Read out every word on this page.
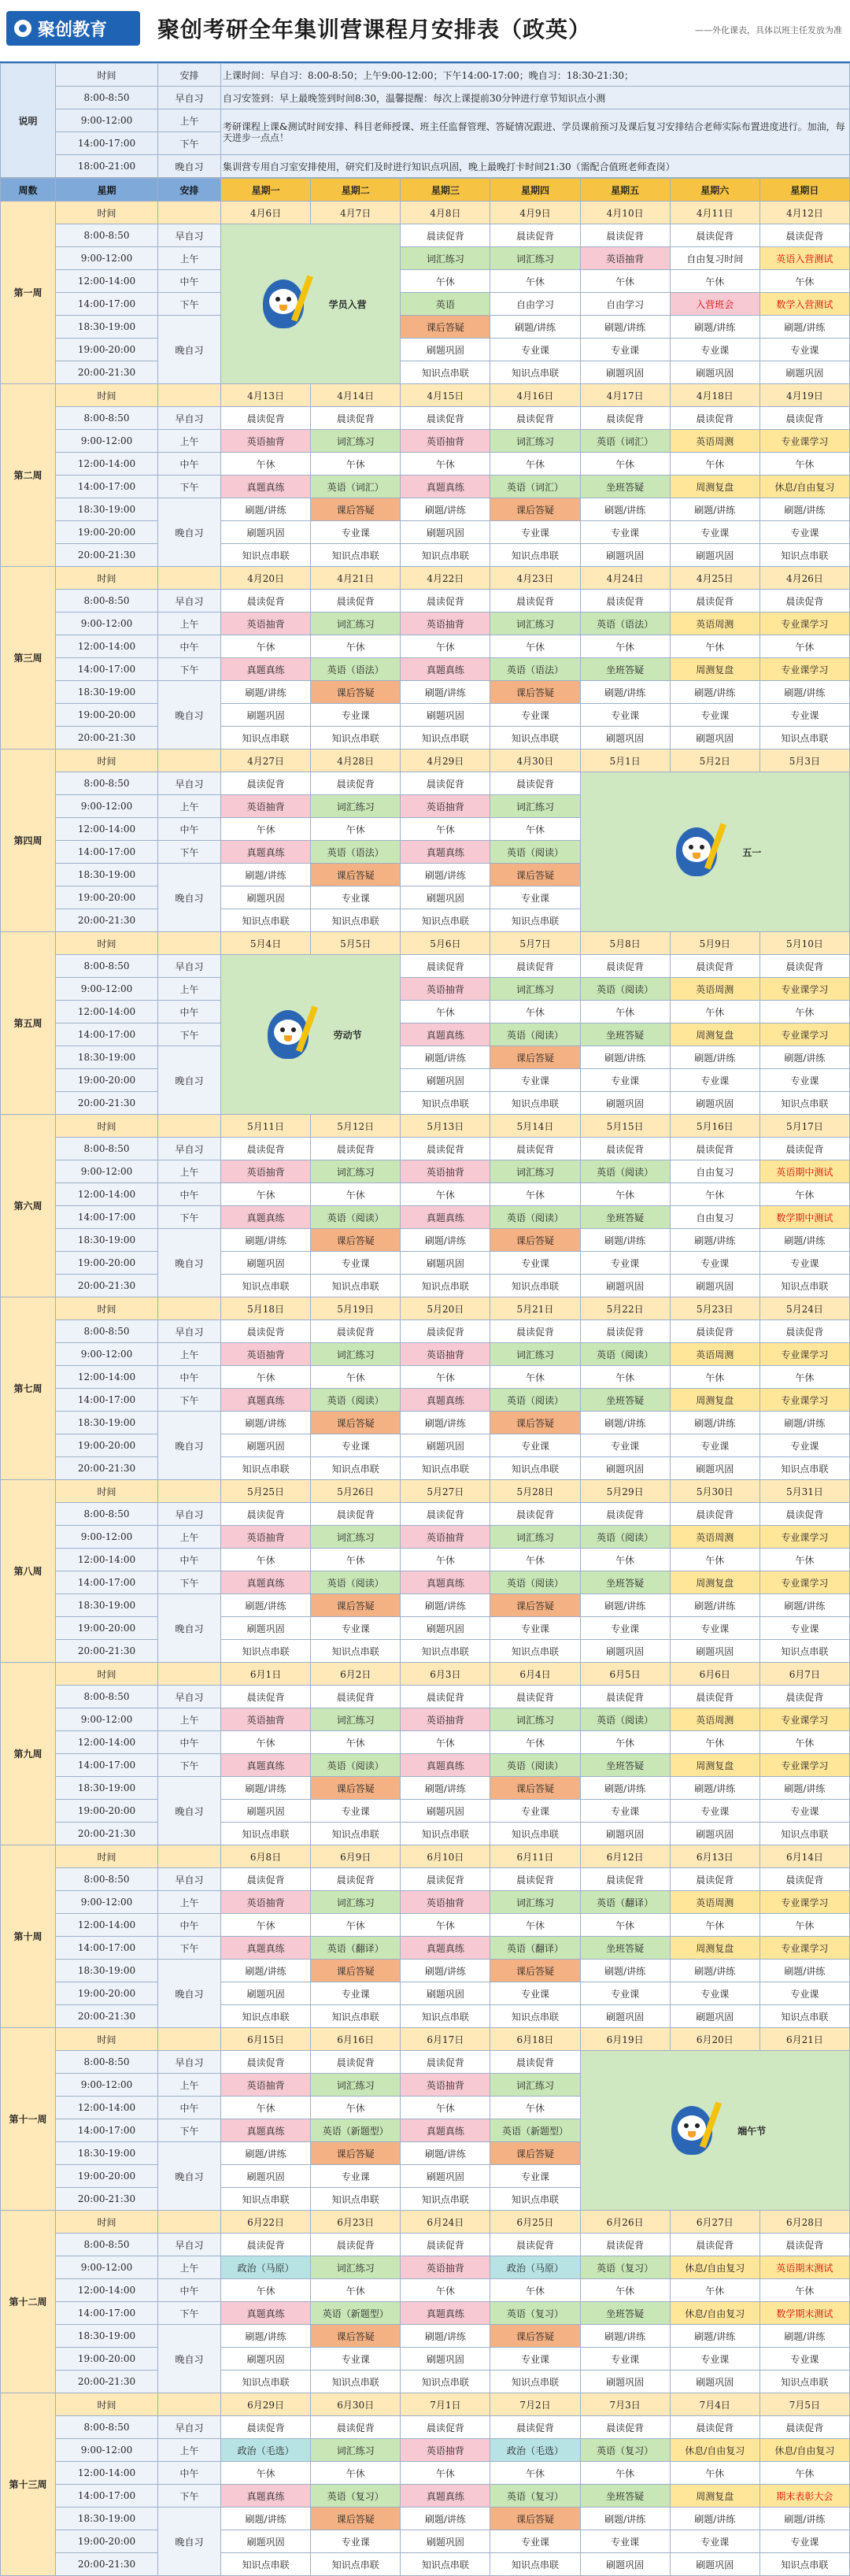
聚创教育 聚创考研全年集训营课程月安排表（政英）	——外化课表，具体以班主任发放为准
说明	时间	安排	上课时间：早自习：8:00-8:50；上午9:00-12:00；下午14:00-17:00；晚自习：18:30-21:30；
	8:00-8:50	早自习	自习安签到：早上最晚签到时间8:30，温馨提醒：每次上课提前30分钟进行章节知识点小测
	9:00-12:00	上午	考研课程上课&测试时间安排、科目老师授课、班主任监督管理、答疑情况跟进、学员课前预习及课后复习安排结合老师实际布置进度进行。加油，每天进步一点点！
	14:00-17:00	下午	
	18:00-21:00	晚自习	集训营专用自习室安排使用，研究们及时进行知识点巩固，晚上最晚打卡时间21:30（需配合值班老师查岗）
周数	星期	安排	星期一	星期二	星期三	星期四	星期五	星期六	星期日
第一周	时间		4月6日	4月7日	4月8日	4月9日	4月10日	4月11日	4月12日
	8:00-8:50	早自习	学员入营		晨读促背	晨读促背	晨读促背	晨读促背	晨读促背
	9:00-12:00	上午			词汇练习	词汇练习	英语抽背	自由复习时间	英语入营测试
	12:00-14:00	中午			午休	午休	午休	午休	午休
	14:00-17:00	下午			英语	自由学习	自由学习	入营班会	数学入营测试
	18:30-19:00	晚自习			课后答疑	刷题/讲练	刷题/讲练	刷题/讲练	刷题/讲练
	19:00-20:00				刷题巩固	专业课	专业课	专业课	专业课
	20:00-21:30				知识点串联	知识点串联	刷题巩固	刷题巩固	刷题巩固
第二周	时间		4月13日	4月14日	4月15日	4月16日	4月17日	4月18日	4月19日
	8:00-8:50	早自习	晨读促背	晨读促背	晨读促背	晨读促背	晨读促背	晨读促背	晨读促背
	9:00-12:00	上午	英语抽背	词汇练习	英语抽背	词汇练习	英语（词汇）	英语周测	专业课学习
	12:00-14:00	中午	午休	午休	午休	午休	午休	午休	午休
	14:00-17:00	下午	真题真练	英语（词汇）	真题真练	英语（词汇）	坐班答疑	周测复盘	休息/自由复习
	18:30-19:00	晚自习	刷题/讲练	课后答疑	刷题/讲练	课后答疑	刷题/讲练	刷题/讲练	刷题/讲练
	19:00-20:00		刷题巩固	专业课	刷题巩固	专业课	专业课	专业课	专业课
	20:00-21:30		知识点串联	知识点串联	知识点串联	知识点串联	刷题巩固	刷题巩固	知识点串联
第三周	时间		4月20日	4月21日	4月22日	4月23日	4月24日	4月25日	4月26日
	8:00-8:50	早自习	晨读促背	晨读促背	晨读促背	晨读促背	晨读促背	晨读促背	晨读促背
	9:00-12:00	上午	英语抽背	词汇练习	英语抽背	词汇练习	英语（语法）	英语周测	专业课学习
	12:00-14:00	中午	午休	午休	午休	午休	午休	午休	午休
	14:00-17:00	下午	真题真练	英语（语法）	真题真练	英语（语法）	坐班答疑	周测复盘	专业课学习
	18:30-19:00	晚自习	刷题/讲练	课后答疑	刷题/讲练	课后答疑	刷题/讲练	刷题/讲练	刷题/讲练
	19:00-20:00		刷题巩固	专业课	刷题巩固	专业课	专业课	专业课	专业课
	20:00-21:30		知识点串联	知识点串联	知识点串联	知识点串联	刷题巩固	刷题巩固	知识点串联
第四周	时间		4月27日	4月28日	4月29日	4月30日	5月1日	5月2日	5月3日
	8:00-8:50	早自习	晨读促背	晨读促背	晨读促背	晨读促背	五一		

	9:00-12:00	上午	英语抽背	词汇练习	英语抽背	词汇练习			
	12:00-14:00	中午	午休	午休	午休	午休			
	14:00-17:00	下午	真题真练	英语（语法）	真题真练	英语（阅读）			
	18:30-19:00	晚自习	刷题/讲练	课后答疑	刷题/讲练	课后答疑			
	19:00-20:00		刷题巩固	专业课	刷题巩固	专业课			
	20:00-21:30		知识点串联	知识点串联	知识点串联	知识点串联			
第五周	时间		5月4日	5月5日	5月6日	5月7日	5月8日	5月9日	5月10日
	8:00-8:50	早自习	劳动节		晨读促背	晨读促背	晨读促背	晨读促背	晨读促背
	9:00-12:00	上午			英语抽背	词汇练习	英语（阅读）	英语周测	专业课学习
	12:00-14:00	中午			午休	午休	午休	午休	午休
	14:00-17:00	下午			真题真练	英语（阅读）	坐班答疑	周测复盘	专业课学习
	18:30-19:00	晚自习			刷题/讲练	课后答疑	刷题/讲练	刷题/讲练	刷题/讲练
	19:00-20:00				刷题巩固	专业课	专业课	专业课	专业课
	20:00-21:30				知识点串联	知识点串联	刷题巩固	刷题巩固	知识点串联
第六周	时间		5月11日	5月12日	5月13日	5月14日	5月15日	5月16日	5月17日
	8:00-8:50	早自习	晨读促背	晨读促背	晨读促背	晨读促背	晨读促背	晨读促背	晨读促背
	9:00-12:00	上午	英语抽背	词汇练习	英语抽背	词汇练习	英语（阅读）	自由复习	英语期中测试
	12:00-14:00	中午	午休	午休	午休	午休	午休	午休	午休
	14:00-17:00	下午	真题真练	英语（阅读）	真题真练	英语（阅读）	坐班答疑	自由复习	数学期中测试
	18:30-19:00	晚自习	刷题/讲练	课后答疑	刷题/讲练	课后答疑	刷题/讲练	刷题/讲练	刷题/讲练
	19:00-20:00		刷题巩固	专业课	刷题巩固	专业课	专业课	专业课	专业课
	20:00-21:30		知识点串联	知识点串联	知识点串联	知识点串联	刷题巩固	刷题巩固	知识点串联
第七周	时间		5月18日	5月19日	5月20日	5月21日	5月22日	5月23日	5月24日
	8:00-8:50	早自习	晨读促背	晨读促背	晨读促背	晨读促背	晨读促背	晨读促背	晨读促背
	9:00-12:00	上午	英语抽背	词汇练习	英语抽背	词汇练习	英语（阅读）	英语周测	专业课学习
	12:00-14:00	中午	午休	午休	午休	午休	午休	午休	午休
	14:00-17:00	下午	真题真练	英语（阅读）	真题真练	英语（阅读）	坐班答疑	周测复盘	专业课学习
	18:30-19:00	晚自习	刷题/讲练	课后答疑	刷题/讲练	课后答疑	刷题/讲练	刷题/讲练	刷题/讲练
	19:00-20:00		刷题巩固	专业课	刷题巩固	专业课	专业课	专业课	专业课
	20:00-21:30		知识点串联	知识点串联	知识点串联	知识点串联	刷题巩固	刷题巩固	知识点串联
第八周	时间		5月25日	5月26日	5月27日	5月28日	5月29日	5月30日	5月31日
	8:00-8:50	早自习	晨读促背	晨读促背	晨读促背	晨读促背	晨读促背	晨读促背	晨读促背
	9:00-12:00	上午	英语抽背	词汇练习	英语抽背	词汇练习	英语（阅读）	英语周测	专业课学习
	12:00-14:00	中午	午休	午休	午休	午休	午休	午休	午休
	14:00-17:00	下午	真题真练	英语（阅读）	真题真练	英语（阅读）	坐班答疑	周测复盘	专业课学习
	18:30-19:00	晚自习	刷题/讲练	课后答疑	刷题/讲练	课后答疑	刷题/讲练	刷题/讲练	刷题/讲练
	19:00-20:00		刷题巩固	专业课	刷题巩固	专业课	专业课	专业课	专业课
	20:00-21:30		知识点串联	知识点串联	知识点串联	知识点串联	刷题巩固	刷题巩固	知识点串联
第九周	时间		6月1日	6月2日	6月3日	6月4日	6月5日	6月6日	6月7日
	8:00-8:50	早自习	晨读促背	晨读促背	晨读促背	晨读促背	晨读促背	晨读促背	晨读促背
	9:00-12:00	上午	英语抽背	词汇练习	英语抽背	词汇练习	英语（阅读）	英语周测	专业课学习
	12:00-14:00	中午	午休	午休	午休	午休	午休	午休	午休
	14:00-17:00	下午	真题真练	英语（阅读）	真题真练	英语（阅读）	坐班答疑	周测复盘	专业课学习
	18:30-19:00	晚自习	刷题/讲练	课后答疑	刷题/讲练	课后答疑	刷题/讲练	刷题/讲练	刷题/讲练
	19:00-20:00		刷题巩固	专业课	刷题巩固	专业课	专业课	专业课	专业课
	20:00-21:30		知识点串联	知识点串联	知识点串联	知识点串联	刷题巩固	刷题巩固	知识点串联
第十周	时间		6月8日	6月9日	6月10日	6月11日	6月12日	6月13日	6月14日
	8:00-8:50	早自习	晨读促背	晨读促背	晨读促背	晨读促背	晨读促背	晨读促背	晨读促背
	9:00-12:00	上午	英语抽背	词汇练习	英语抽背	词汇练习	英语（翻译）	英语周测	专业课学习
	12:00-14:00	中午	午休	午休	午休	午休	午休	午休	午休
	14:00-17:00	下午	真题真练	英语（翻译）	真题真练	英语（翻译）	坐班答疑	周测复盘	专业课学习
	18:30-19:00	晚自习	刷题/讲练	课后答疑	刷题/讲练	课后答疑	刷题/讲练	刷题/讲练	刷题/讲练
	19:00-20:00		刷题巩固	专业课	刷题巩固	专业课	专业课	专业课	专业课
	20:00-21:30		知识点串联	知识点串联	知识点串联	知识点串联	刷题巩固	刷题巩固	知识点串联
第十一周	时间		6月15日	6月16日	6月17日	6月18日	6月19日	6月20日	6月21日
	8:00-8:50	早自习	晨读促背	晨读促背	晨读促背	晨读促背	端午节		

	9:00-12:00	上午	英语抽背	词汇练习	英语抽背	词汇练习			
	12:00-14:00	中午	午休	午休	午休	午休			
	14:00-17:00	下午	真题真练	英语（新题型）	真题真练	英语（新题型）			
	18:30-19:00	晚自习	刷题/讲练	课后答疑	刷题/讲练	课后答疑			
	19:00-20:00		刷题巩固	专业课	刷题巩固	专业课			
	20:00-21:30		知识点串联	知识点串联	知识点串联	知识点串联			
第十二周	时间		6月22日	6月23日	6月24日	6月25日	6月26日	6月27日	6月28日
	8:00-8:50	早自习	晨读促背	晨读促背	晨读促背	晨读促背	晨读促背	晨读促背	晨读促背
	9:00-12:00	上午	政治（马原）	词汇练习	英语抽背	政治（马原）	英语（复习）	休息/自由复习	英语期末测试
	12:00-14:00	中午	午休	午休	午休	午休	午休	午休	午休
	14:00-17:00	下午	真题真练	英语（新题型）	真题真练	英语（复习）	坐班答疑	休息/自由复习	数学期末测试
	18:30-19:00	晚自习	刷题/讲练	课后答疑	刷题/讲练	课后答疑	刷题/讲练	刷题/讲练	刷题/讲练
	19:00-20:00		刷题巩固	专业课	刷题巩固	专业课	专业课	专业课	专业课
	20:00-21:30		知识点串联	知识点串联	知识点串联	知识点串联	刷题巩固	刷题巩固	知识点串联
第十三周	时间		6月29日	6月30日	7月1日	7月2日	7月3日	7月4日	7月5日
	8:00-8:50	早自习	晨读促背	晨读促背	晨读促背	晨读促背	晨读促背	晨读促背	晨读促背
	9:00-12:00	上午	政治（毛选）	词汇练习	英语抽背	政治（毛选）	英语（复习）	休息/自由复习	休息/自由复习
	12:00-14:00	中午	午休	午休	午休	午休	午休	午休	午休
	14:00-17:00	下午	真题真练	英语（复习）	真题真练	英语（复习）	坐班答疑	周测复盘	期末表彰大会
	18:30-19:00	晚自习	刷题/讲练	课后答疑	刷题/讲练	课后答疑	刷题/讲练	刷题/讲练	刷题/讲练
	19:00-20:00		刷题巩固	专业课	刷题巩固	专业课	专业课	专业课	专业课
	20:00-21:30		知识点串联	知识点串联	知识点串联	知识点串联	刷题巩固	刷题巩固	知识点串联
